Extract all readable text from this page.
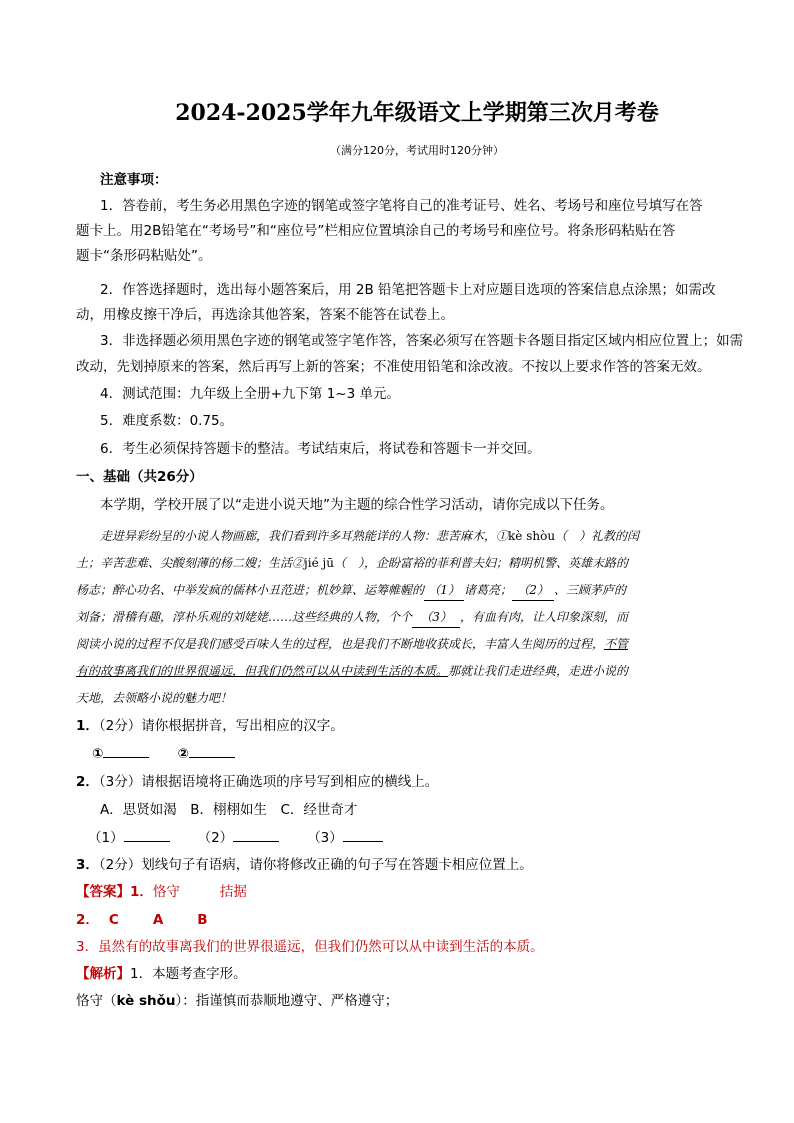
2024-2025学年九年级语文上学期第三次月考卷
（满分120分，考试用时120分钟）
注意事项：
1．答卷前，考生务必用黑色字迹的钢笔或签字笔将自己的准考证号、姓名、考场号和座位号填写在答
题卡上。用2B铅笔在“考场号”和“座位号”栏相应位置填涂自己的考场号和座位号。将条形码粘贴在答
题卡“条形码粘贴处”。
2．作答选择题时，选出每小题答案后，用 2B 铅笔把答题卡上对应题目选项的答案信息点涂黑；如需改
动，用橡皮擦干净后，再选涂其他答案，答案不能答在试卷上。
3．非选择题必须用黑色字迹的钢笔或签字笔作答，答案必须写在答题卡各题目指定区域内相应位置上；如需
改动，先划掉原来的答案，然后再写上新的答案；不准使用铅笔和涂改液。不按以上要求作答的答案无效。
4．测试范围：九年级上全册+九下第 1~3 单元。
5．难度系数：0.75。
6．考生必须保持答题卡的整洁。考试结束后，将试卷和答题卡一并交回。
一、基础（共26分）
本学期，学校开展了以“走进小说天地”为主题的综合性学习活动，请你完成以下任务。
走进异彩纷呈的小说人物画廊，我们看到许多耳熟能详的人物：悲苦麻木，①kè shòu（　）礼教的闰
土；辛苦悲难、尖酸刻薄的杨二嫂；生活②jié jū（　），企盼富裕的菲利普夫妇；精明机警、英雄末路的
杨志；醉心功名、中举发疯的儒林小丑范进；机妙算、运筹帷幄的 （1） 诸葛亮； （2） 、三顾茅庐的
刘备；滑稽有趣，淳朴乐观的刘姥姥……这些经典的人物，个个 （3） ，有血有肉，让人印象深刻，而
阅读小说的过程不仅是我们感受百味人生的过程，也是我们不断地收获成长，丰富人生阅历的过程，不管
有的故事离我们的世界很遥远，但我们仍然可以从中读到生活的本质。那就让我们走进经典，走进小说的
天地，去领略小说的魅力吧！
1．（2分）请你根据拼音，写出相应的汉字。
①	②
2．（3分）请根据语境将正确选项的序号写到相应的横线上。
A．思贤如渴　B．栩栩如生　C．经世奇才
（1）	（2）	（3）
3．（2分）划线句子有语病，请你将修改正确的句子写在答题卡相应位置上。
【答案】1．恪守	拮据
2． C	A	B
3．虽然有的故事离我们的世界很遥远，但我们仍然可以从中读到生活的本质。
【解析】1．本题考查字形。
恪守（kè shǒu）：指谨慎而恭顺地遵守、严格遵守；
